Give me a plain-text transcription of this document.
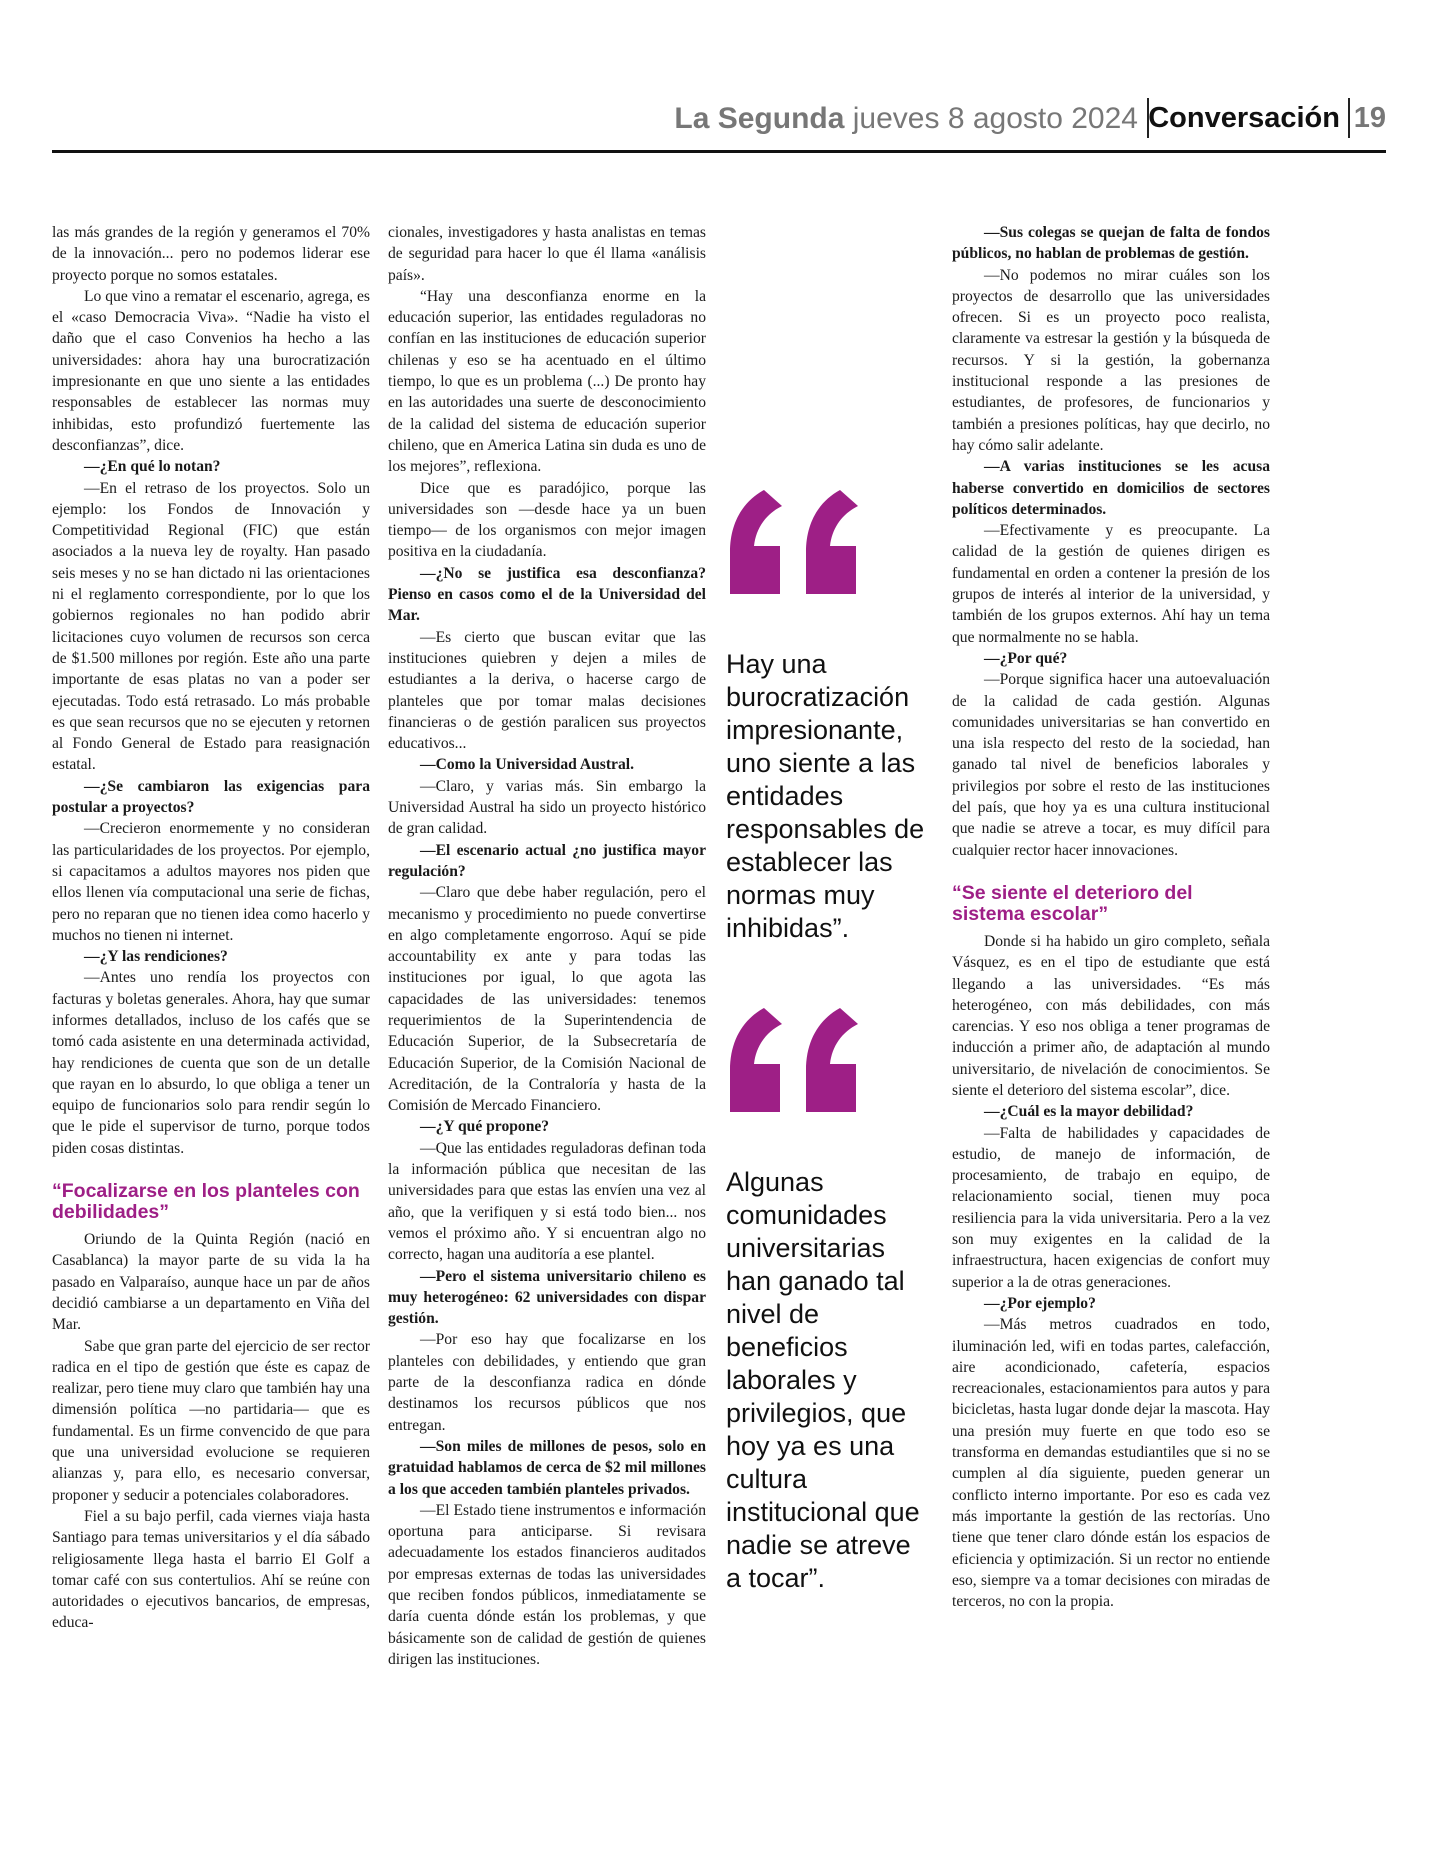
La Segunda jueves 8 agosto 2024 Conversación 19

las más grandes de la región y generamos el 70% de la innovación... pero no podemos liderar ese proyecto porque no somos estatales.

Lo que vino a rematar el escenario, agrega, es el «caso Democracia Viva». “Nadie ha visto el daño que el caso Convenios ha hecho a las universidades: ahora hay una burocratización impresionante en que uno siente a las entidades responsables de establecer las normas muy inhibidas, esto profundizó fuertemente las desconfianzas”, dice.

—¿En qué lo notan?

—En el retraso de los proyectos. Solo un ejemplo: los Fondos de Innovación y Competitividad Regional (FIC) que están asociados a la nueva ley de royalty. Han pasado seis meses y no se han dictado ni las orientaciones ni el reglamento correspondiente, por lo que los gobiernos regionales no han podido abrir licitaciones cuyo volumen de recursos son cerca de $1.500 millones por región. Este año una parte importante de esas platas no van a poder ser ejecutadas. Todo está retrasado. Lo más probable es que sean recursos que no se ejecuten y retornen al Fondo General de Estado para reasignación estatal.

—¿Se cambiaron las exigencias para postular a proyectos?

—Crecieron enormemente y no consideran las particularidades de los proyectos. Por ejemplo, si capacitamos a adultos mayores nos piden que ellos llenen vía computacional una serie de fichas, pero no reparan que no tienen idea como hacerlo y muchos no tienen ni internet.

—¿Y las rendiciones?

—Antes uno rendía los proyectos con facturas y boletas generales. Ahora, hay que sumar informes detallados, incluso de los cafés que se tomó cada asistente en una determinada actividad, hay rendiciones de cuenta que son de un detalle que rayan en lo absurdo, lo que obliga a tener un equipo de funcionarios solo para rendir según lo que le pide el supervisor de turno, porque todos piden cosas distintas.

“Focalizarse en los planteles con debilidades”

Oriundo de la Quinta Región (nació en Casablanca) la mayor parte de su vida la ha pasado en Valparaíso, aunque hace un par de años decidió cambiarse a un departamento en Viña del Mar.

Sabe que gran parte del ejercicio de ser rector radica en el tipo de gestión que éste es capaz de realizar, pero tiene muy claro que también hay una dimensión política —no partidaria— que es fundamental. Es un firme convencido de que para que una universidad evolucione se requieren alianzas y, para ello, es necesario conversar, proponer y seducir a potenciales colaboradores.

Fiel a su bajo perfil, cada viernes viaja hasta Santiago para temas universitarios y el día sábado religiosamente llega hasta el barrio El Golf a tomar café con sus contertulios. Ahí se reúne con autoridades o ejecutivos bancarios, de empresas, educa-

cionales, investigadores y hasta analistas en temas de seguridad para hacer lo que él llama «análisis país».

“Hay una desconfianza enorme en la educación superior, las entidades reguladoras no confían en las instituciones de educación superior chilenas y eso se ha acentuado en el último tiempo, lo que es un problema (...) De pronto hay en las autoridades una suerte de desconocimiento de la calidad del sistema de educación superior chileno, que en America Latina sin duda es uno de los mejores”, reflexiona.

Dice que es paradójico, porque las universidades son —desde hace ya un buen tiempo— de los organismos con mejor imagen positiva en la ciudadanía.

—¿No se justifica esa desconfianza? Pienso en casos como el de la Universidad del Mar.

—Es cierto que buscan evitar que las instituciones quiebren y dejen a miles de estudiantes a la deriva, o hacerse cargo de planteles que por tomar malas decisiones financieras o de gestión paralicen sus proyectos educativos...

—Como la Universidad Austral.

—Claro, y varias más. Sin embargo la Universidad Austral ha sido un proyecto histórico de gran calidad.

—El escenario actual ¿no justifica mayor regulación?

—Claro que debe haber regulación, pero el mecanismo y procedimiento no puede convertirse en algo completamente engorroso. Aquí se pide accountability ex ante y para todas las instituciones por igual, lo que agota las capacidades de las universidades: tenemos requerimientos de la Superintendencia de Educación Superior, de la Subsecretaría de Educación Superior, de la Comisión Nacional de Acreditación, de la Contraloría y hasta de la Comisión de Mercado Financiero.

—¿Y qué propone?

—Que las entidades reguladoras definan toda la información pública que necesitan de las universidades para que estas las envíen una vez al año, que la verifiquen y si está todo bien... nos vemos el próximo año. Y si encuentran algo no correcto, hagan una auditoría a ese plantel.

—Pero el sistema universitario chileno es muy heterogéneo: 62 universidades con dispar gestión.

—Por eso hay que focalizarse en los planteles con debilidades, y entiendo que gran parte de la desconfianza radica en dónde destinamos los recursos públicos que nos entregan.

—Son miles de millones de pesos, solo en gratuidad hablamos de cerca de $2 mil millones a los que acceden también planteles privados.

—El Estado tiene instrumentos e información oportuna para anticiparse. Si revisara adecuadamente los estados financieros auditados por empresas externas de todas las universidades que reciben fondos públicos, inmediatamente se daría cuenta dónde están los problemas, y que básicamente son de calidad de gestión de quienes dirigen las instituciones.

Hay una burocratización impresionante, uno siente a las entidades responsables de establecer las normas muy inhibidas”.
Algunas comunidades universitarias han ganado tal nivel de beneficios laborales y privilegios, que hoy ya es una cultura institucional que nadie se atreve a tocar”.

—Sus colegas se quejan de falta de fondos públicos, no hablan de problemas de gestión.

—No podemos no mirar cuáles son los proyectos de desarrollo que las universidades ofrecen. Si es un proyecto poco realista, claramente va estresar la gestión y la búsqueda de recursos. Y si la gestión, la gobernanza institucional responde a las presiones de estudiantes, de profesores, de funcionarios y también a presiones políticas, hay que decirlo, no hay cómo salir adelante.

—A varias instituciones se les acusa haberse convertido en domicilios de sectores políticos determinados.

—Efectivamente y es preocupante. La calidad de la gestión de quienes dirigen es fundamental en orden a contener la presión de los grupos de interés al interior de la universidad, y también de los grupos externos. Ahí hay un tema que normalmente no se habla.

—¿Por qué?

—Porque significa hacer una autoevaluación de la calidad de cada gestión. Algunas comunidades universitarias se han convertido en una isla respecto del resto de la sociedad, han ganado tal nivel de beneficios laborales y privilegios por sobre el resto de las instituciones del país, que hoy ya es una cultura institucional que nadie se atreve a tocar, es muy difícil para cualquier rector hacer innovaciones.

“Se siente el deterioro del sistema escolar”

Donde si ha habido un giro completo, señala Vásquez, es en el tipo de estudiante que está llegando a las universidades. “Es más heterogéneo, con más debilidades, con más carencias. Y eso nos obliga a tener programas de inducción a primer año, de adaptación al mundo universitario, de nivelación de conocimientos. Se siente el deterioro del sistema escolar”, dice.

—¿Cuál es la mayor debilidad?

—Falta de habilidades y capacidades de estudio, de manejo de información, de procesamiento, de trabajo en equipo, de relacionamiento social, tienen muy poca resiliencia para la vida universitaria. Pero a la vez son muy exigentes en la calidad de la infraestructura, hacen exigencias de confort muy superior a la de otras generaciones.

—¿Por ejemplo?

—Más metros cuadrados en todo, iluminación led, wifi en todas partes, calefacción, aire acondicionado, cafetería, espacios recreacionales, estacionamientos para autos y para bicicletas, hasta lugar donde dejar la mascota. Hay una presión muy fuerte en que todo eso se transforma en demandas estudiantiles que si no se cumplen al día siguiente, pueden generar un conflicto interno importante. Por eso es cada vez más importante la gestión de las rectorías. Uno tiene que tener claro dónde están los espacios de eficiencia y optimización. Si un rector no entiende eso, siempre va a tomar decisiones con miradas de terceros, no con la propia.
